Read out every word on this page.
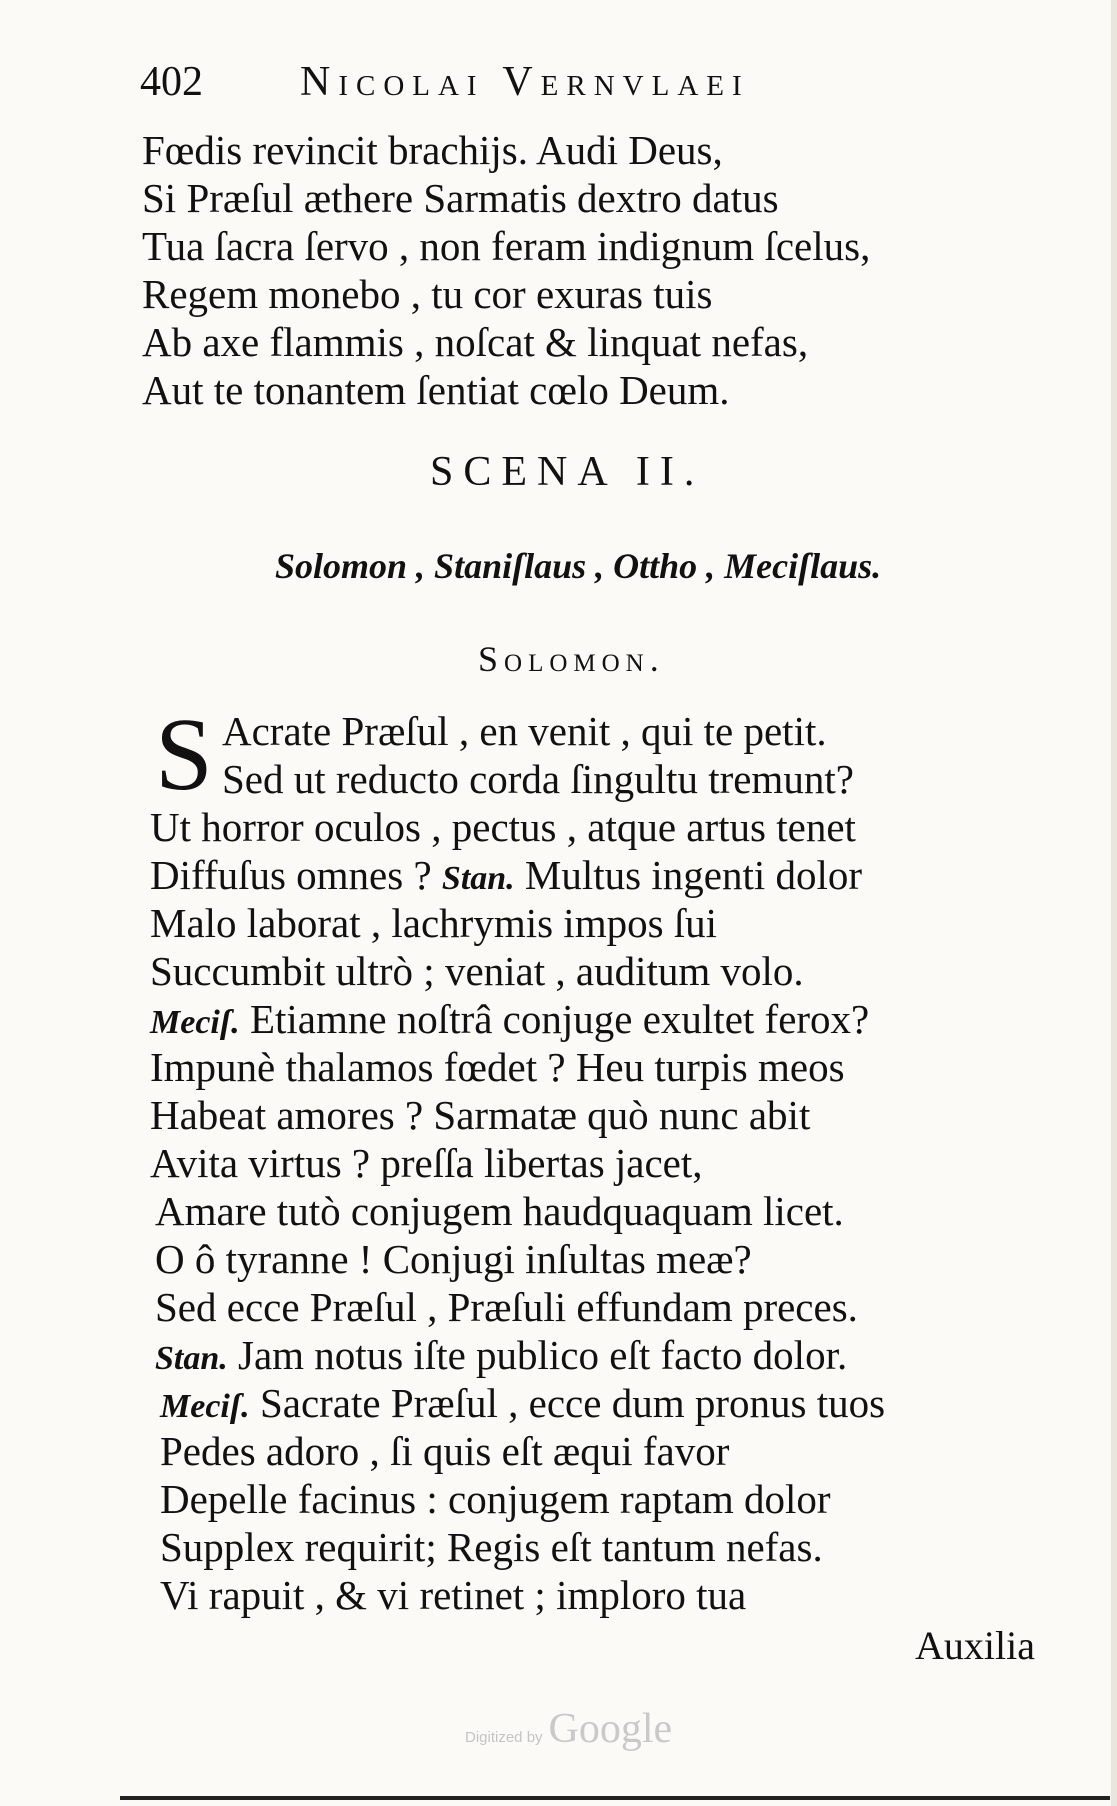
402 Nicolai Vernvlaei
Fœdis revincit brachijs. Audi Deus,
Si Præſul æthere Sarmatis dextro datus
Tua ſacra ſervo , non feram indignum ſcelus,
Regem monebo , tu cor exuras tuis
Ab axe flammis , noſcat & linquat nefas,
Aut te tonantem ſentiat cœlo Deum.
SCENA II.
Solomon , Staniſlaus , Ottho , Meciſlaus.
Solomon.
S Acrate Præſul , en venit , qui te petit.
Sed ut reducto corda ſingultu tremunt?
Ut horror oculos , pectus , atque artus tenet
Diffuſus omnes ? Stan. Multus ingenti dolor
Malo laborat , lachrymis impos ſui
Succumbit ultrò ; veniat , auditum volo.
Meciſ. Etiamne noſtrâ conjuge exultet ferox?
Impunè thalamos fœdet ? Heu turpis meos
Habeat amores ? Sarmatæ quò nunc abit
Avita virtus ? preſſa libertas jacet,
Amare tutò conjugem haudquaquam licet.
O ô tyranne ! Conjugi inſultas meæ?
Sed ecce Præſul , Præſuli effundam preces.
Stan. Jam notus iſte publico eſt facto dolor.
Meciſ. Sacrate Præſul , ecce dum pronus tuos
Pedes adoro , ſi quis eſt æqui favor
Depelle facinus : conjugem raptam dolor
Supplex requirit; Regis eſt tantum nefas.
Vi rapuit , & vi retinet ; imploro tua
Auxilia
Digitized by Google
